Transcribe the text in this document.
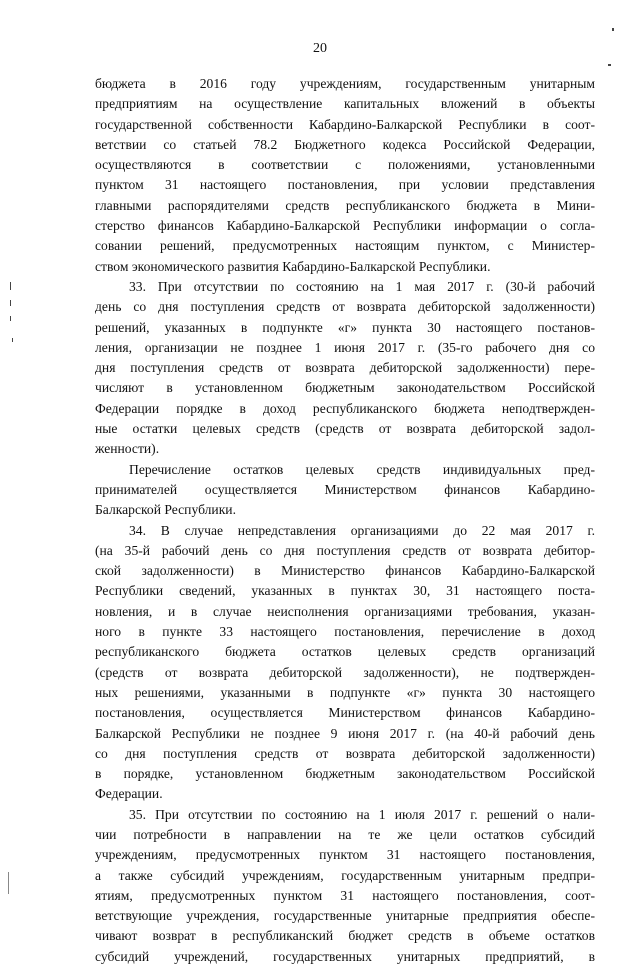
20
бюджета в 2016 году учреждениям, государственным унитарным
предприятиям на осуществление капитальных вложений в объекты
государственной собственности Кабардино-Балкарской Республики в соот-
ветствии со статьей 78.2 Бюджетного кодекса Российской Федерации,
осуществляются в соответствии с положениями, установленными
пунктом 31 настоящего постановления, при условии представления
главными распорядителями средств республиканского бюджета в Мини-
стерство финансов Кабардино-Балкарской Республики информации о согла-
совании решений, предусмотренных настоящим пунктом, с Министер-
ством экономического развития Кабардино-Балкарской Республики.
33. При отсутствии по состоянию на 1 мая 2017 г. (30-й рабочий
день со дня поступления средств от возврата дебиторской задолженности)
решений, указанных в подпункте «г» пункта 30 настоящего постанов-
ления, организации не позднее 1 июня 2017 г. (35-го рабочего дня со
дня поступления средств от возврата дебиторской задолженности) пере-
числяют в установленном бюджетным законодательством Российской
Федерации порядке в доход республиканского бюджета неподтвержден-
ные остатки целевых средств (средств от возврата дебиторской задол-
женности).
Перечисление остатков целевых средств индивидуальных пред-
принимателей осуществляется Министерством финансов Кабардино-
Балкарской Республики.
34. В случае непредставления организациями до 22 мая 2017 г.
(на 35-й рабочий день со дня поступления средств от возврата дебитор-
ской задолженности) в Министерство финансов Кабардино-Балкарской
Республики сведений, указанных в пунктах 30, 31 настоящего поста-
новления, и в случае неисполнения организациями требования, указан-
ного в пункте 33 настоящего постановления, перечисление в доход
республиканского бюджета остатков целевых средств организаций
(средств от возврата дебиторской задолженности), не подтвержден-
ных решениями, указанными в подпункте «г» пункта 30 настоящего
постановления, осуществляется Министерством финансов Кабардино-
Балкарской Республики не позднее 9 июня 2017 г. (на 40-й рабочий день
со дня поступления средств от возврата дебиторской задолженности)
в порядке, установленном бюджетным законодательством Российской
Федерации.
35. При отсутствии по состоянию на 1 июля 2017 г. решений о нали-
чии потребности в направлении на те же цели остатков субсидий
учреждениям, предусмотренных пунктом 31 настоящего постановления,
а также субсидий учреждениям, государственным унитарным предпри-
ятиям, предусмотренных пунктом 31 настоящего постановления, соот-
ветствующие учреждения, государственные унитарные предприятия обеспе-
чивают возврат в республиканский бюджет средств в объеме остатков
субсидий учреждений, государственных унитарных предприятий, в
